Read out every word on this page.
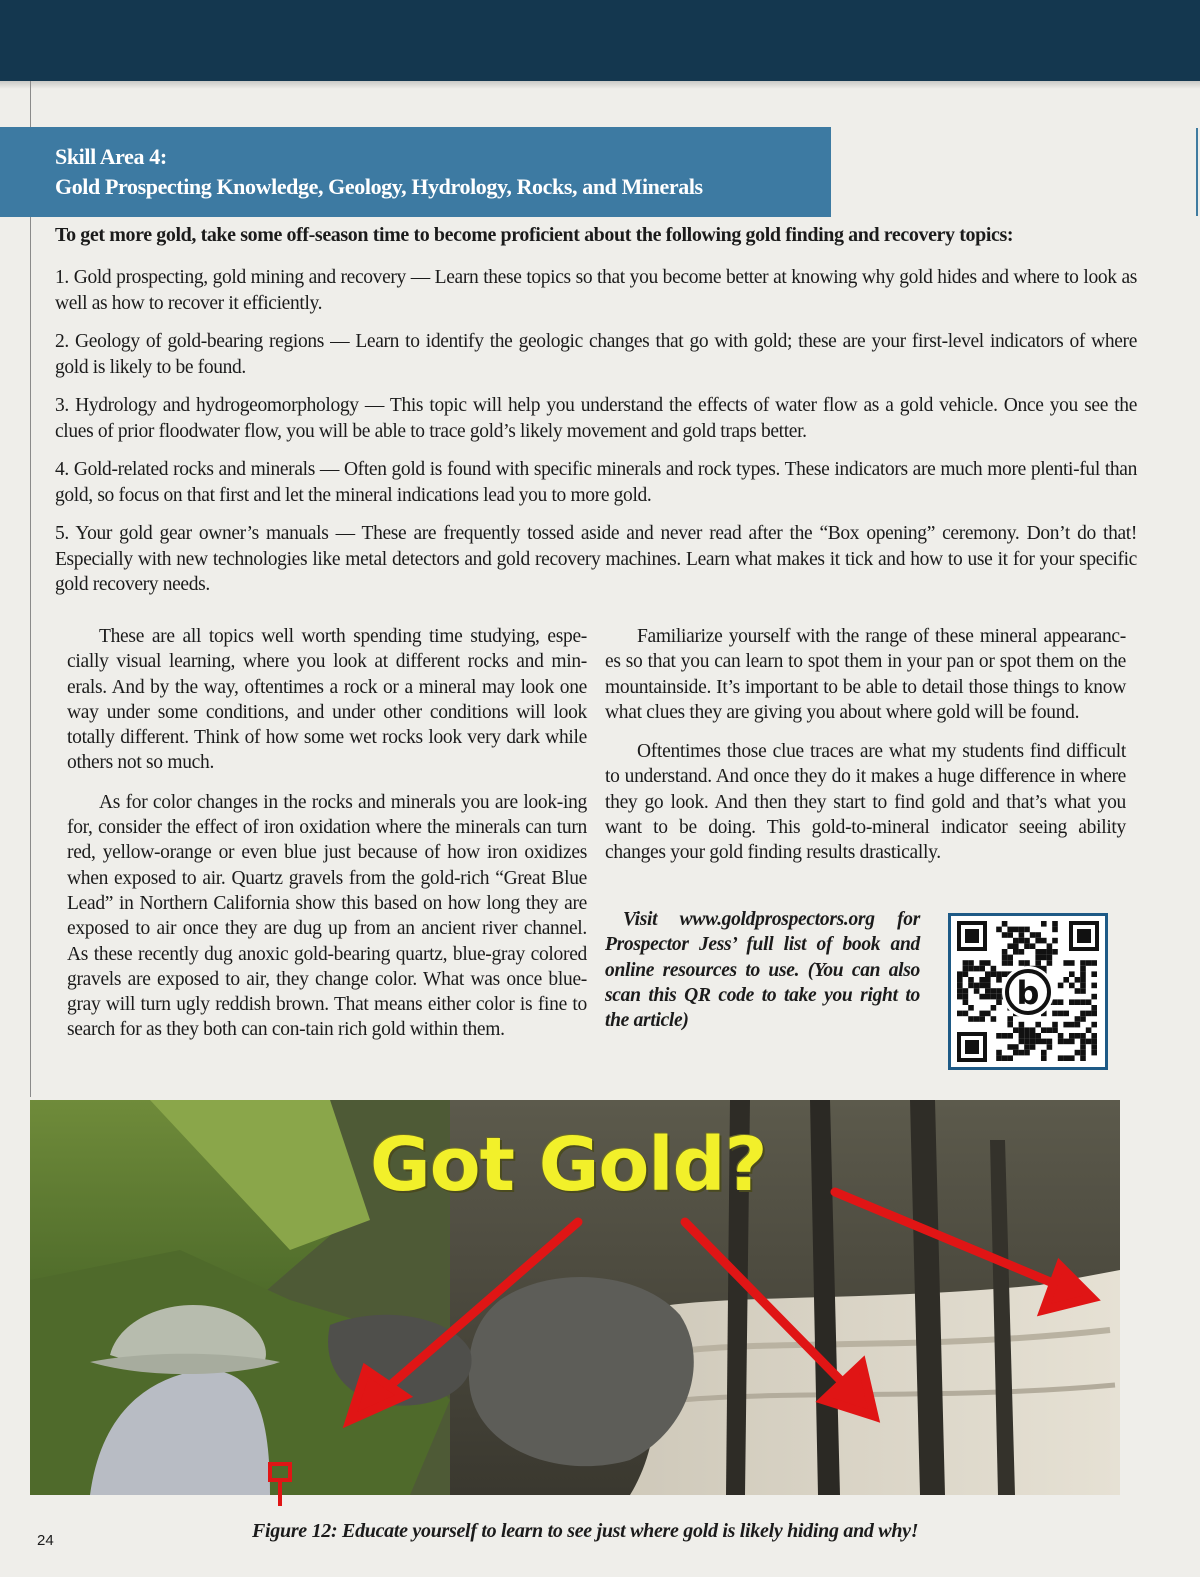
Skill Area 4:
Gold Prospecting Knowledge, Geology, Hydrology, Rocks, and Minerals
To get more gold, take some off-season time to become proficient about the following gold finding and recovery topics:

1. Gold prospecting, gold mining and recovery — Learn these topics so that you become better at knowing why gold hides and where to look as well as how to recover it efficiently.

2. Geology of gold-bearing regions — Learn to identify the geologic changes that go with gold; these are your first-level indicators of where gold is likely to be found.

3. Hydrology and hydrogeomorphology — This topic will help you understand the effects of water flow as a gold vehicle. Once you see the clues of prior floodwater flow, you will be able to trace gold’s likely movement and gold traps better.

4. Gold-related rocks and minerals — Often gold is found with specific minerals and rock types. These indicators are much more plenti-ful than gold, so focus on that first and let the mineral indications lead you to more gold.

5. Your gold gear owner’s manuals — These are frequently tossed aside and never read after the “Box opening” ceremony. Don’t do that! Especially with new technologies like metal detectors and gold recovery machines. Learn what makes it tick and how to use it for your specific gold recovery needs.

These are all topics well worth spending time studying, espe-cially visual learning, where you look at different rocks and min-erals. And by the way, oftentimes a rock or a mineral may look one way under some conditions, and under other conditions will look totally different. Think of how some wet rocks look very dark while others not so much.

As for color changes in the rocks and minerals you are look-ing for, consider the effect of iron oxidation where the minerals can turn red, yellow-orange or even blue just because of how iron oxidizes when exposed to air. Quartz gravels from the gold-rich “Great Blue Lead” in Northern California show this based on how long they are exposed to air once they are dug up from an ancient river channel. As these recently dug anoxic gold-bearing quartz, blue-gray colored gravels are exposed to air, they change color. What was once blue-gray will turn ugly reddish brown. That means either color is fine to search for as they both can con-tain rich gold within them.

Familiarize yourself with the range of these mineral appearanc-es so that you can learn to spot them in your pan or spot them on the mountainside. It’s important to be able to detail those things to know what clues they are giving you about where gold will be found.

Oftentimes those clue traces are what my students find difficult to understand. And once they do it makes a huge difference in where they go look. And then they start to find gold and that’s what you want to be doing. This gold-to-mineral indicator seeing ability changes your gold finding results drastically.

Visit www.goldprospectors.org for Prospector Jess’ full list of book and online resources to use. (You can also scan this QR code to take you right to the article)

b
Got Gold?
Figure 12: Educate yourself to learn to see just where gold is likely hiding and why!
24
